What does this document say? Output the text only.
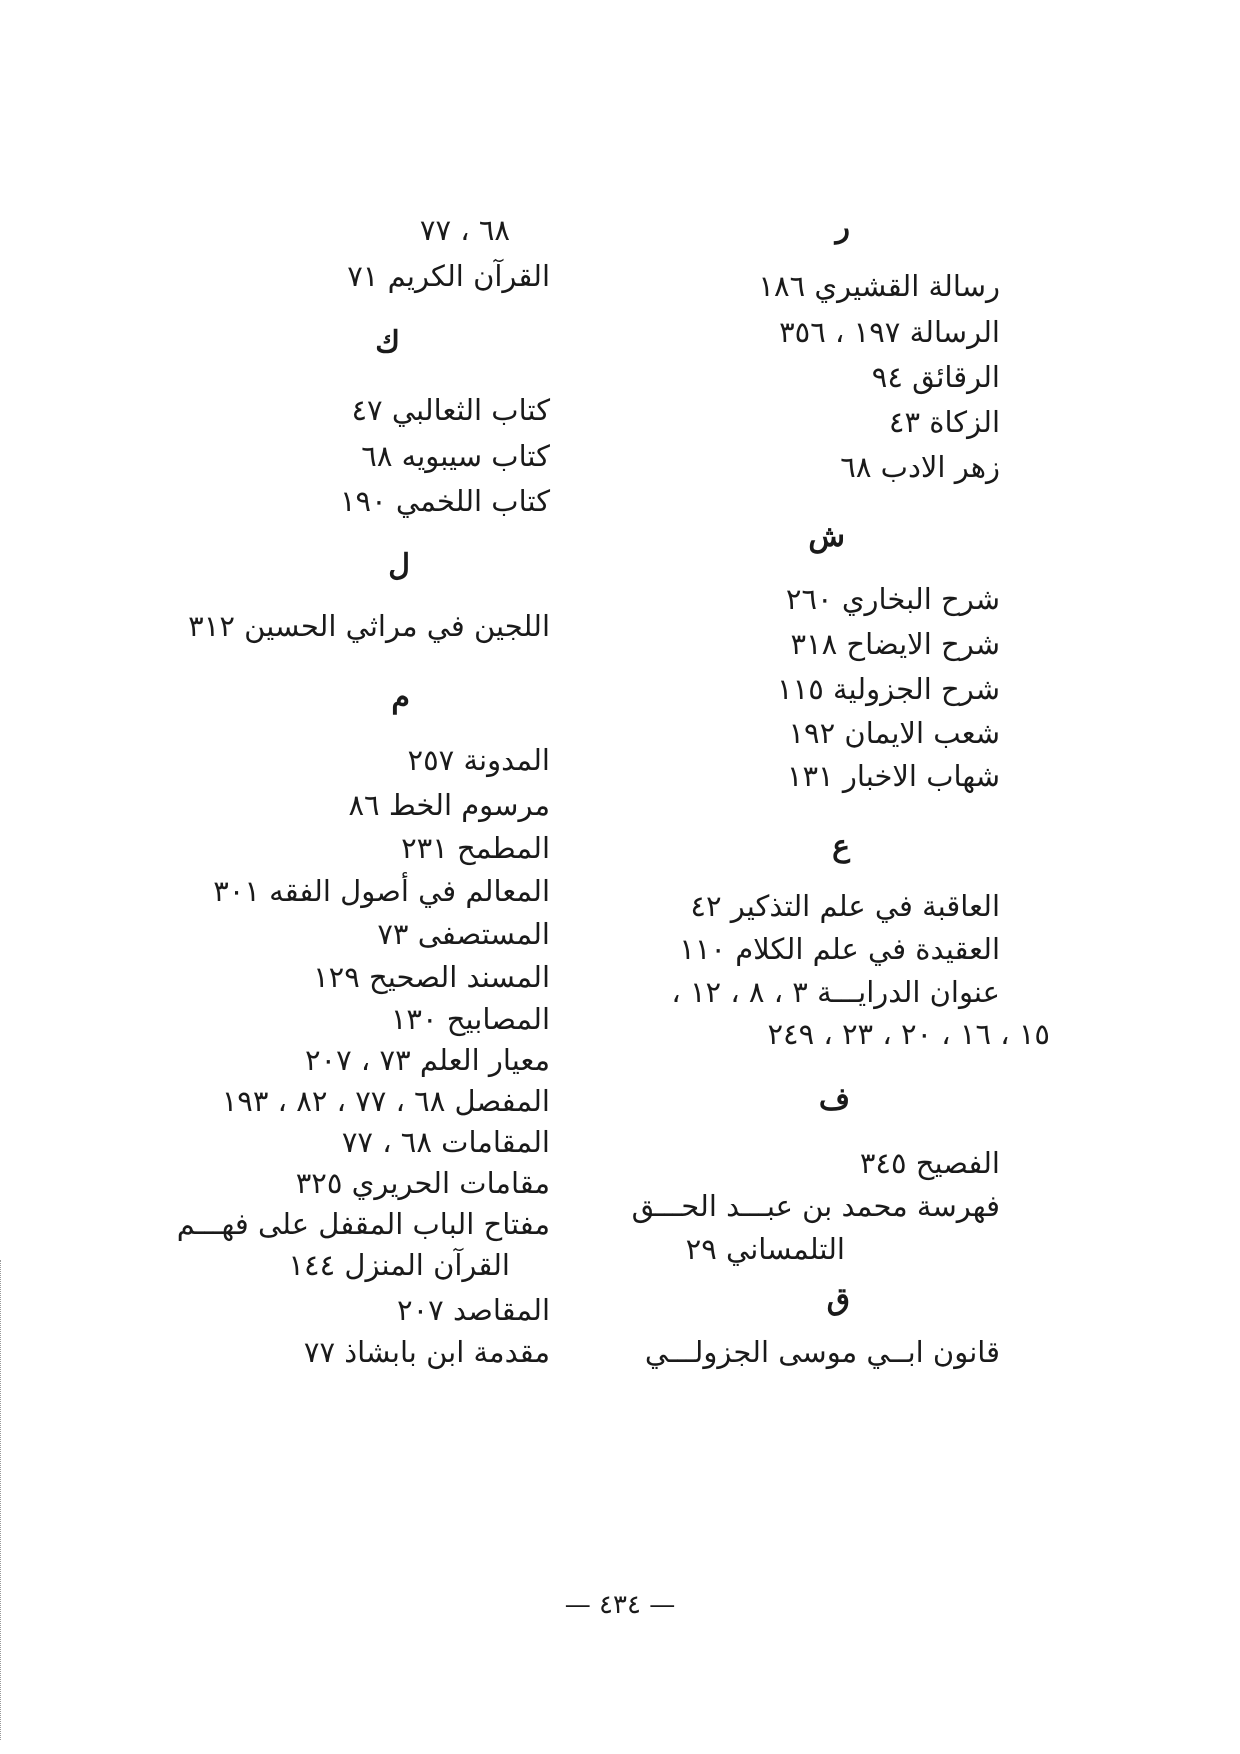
ر
رسالة القشيري ١٨٦
الرسالة ١٩٧ ، ٣٥٦
الرقائق ٩٤
الزكاة ٤٣
زهر الادب ٦٨
ش
شرح البخاري ٢٦٠
شرح الايضاح ٣١٨
شرح الجزولية ١١٥
شعب الايمان ١٩٢
شهاب الاخبار ١٣١
ع
العاقبة في علم التذكير ٤٢
العقيدة في علم الكلام ١١٠
عنوان الدرايـــة ٣ ، ٨ ، ١٢ ،
١٥ ، ١٦ ، ٢٠ ، ٢٣ ، ٢٤٩
ف
الفصيح ٣٤٥
فهرسة محمد بن عبـــد الحـــق
التلمساني ٢٩
ق
قانون ابــي موسى الجزولـــي
٦٨ ، ٧٧
القرآن الكريم ٧١
ك
كتاب الثعالبي ٤٧
كتاب سيبويه ٦٨
كتاب اللخمي ١٩٠
ل
اللجين في مراثي الحسين ٣١٢
م
المدونة ٢٥٧
مرسوم الخط ٨٦
المطمح ٢٣١
المعالم في أصول الفقه ٣٠١
المستصفى ٧٣
المسند الصحيح ١٢٩
المصابيح ١٣٠
معيار العلم ٧٣ ، ٢٠٧
المفصل ٦٨ ، ٧٧ ، ٨٢ ، ١٩٣
المقامات ٦٨ ، ٧٧
مقامات الحريري ٣٢٥
مفتاح الباب المقفل على فهـــم
القرآن المنزل ١٤٤
المقاصد ٢٠٧
مقدمة ابن بابشاذ ٧٧
— ٤٣٤ —
